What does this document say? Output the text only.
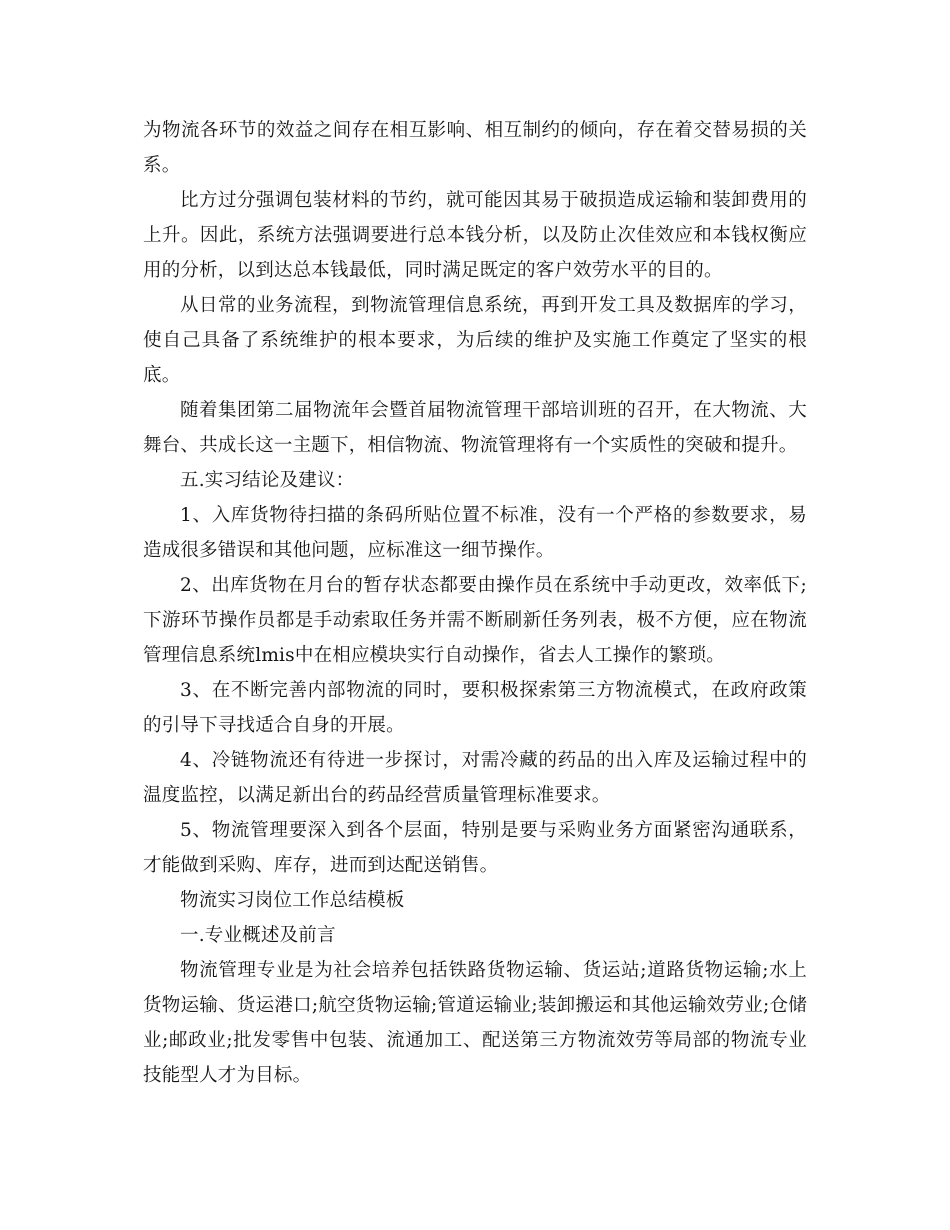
为物流各环节的效益之间存在相互影响、相互制约的倾向，存在着交替易损的关系。

比方过分强调包装材料的节约，就可能因其易于破损造成运输和装卸费用的上升。因此，系统方法强调要进行总本钱分析，以及防止次佳效应和本钱权衡应用的分析，以到达总本钱最低，同时满足既定的客户效劳水平的目的。

从日常的业务流程，到物流管理信息系统，再到开发工具及数据库的学习，使自己具备了系统维护的根本要求，为后续的维护及实施工作奠定了坚实的根底。

随着集团第二届物流年会暨首届物流管理干部培训班的召开，在大物流、大舞台、共成长这一主题下，相信物流、物流管理将有一个实质性的突破和提升。

五.实习结论及建议：

1、入库货物待扫描的条码所贴位置不标准，没有一个严格的参数要求，易造成很多错误和其他问题，应标准这一细节操作。

2、出库货物在月台的暂存状态都要由操作员在系统中手动更改，效率低下;下游环节操作员都是手动索取任务并需不断刷新任务列表，极不方便，应在物流管理信息系统lmis中在相应模块实行自动操作，省去人工操作的繁琐。

3、在不断完善内部物流的同时，要积极探索第三方物流模式，在政府政策的引导下寻找适合自身的开展。

4、冷链物流还有待进一步探讨，对需冷藏的药品的出入库及运输过程中的温度监控，以满足新出台的药品经营质量管理标准要求。

5、物流管理要深入到各个层面，特别是要与采购业务方面紧密沟通联系，才能做到采购、库存，进而到达配送销售。

物流实习岗位工作总结模板

一.专业概述及前言

物流管理专业是为社会培养包括铁路货物运输、货运站;道路货物运输;水上货物运输、货运港口;航空货物运输;管道运输业;装卸搬运和其他运输效劳业;仓储业;邮政业;批发零售中包装、流通加工、配送第三方物流效劳等局部的物流专业技能型人才为目标。
